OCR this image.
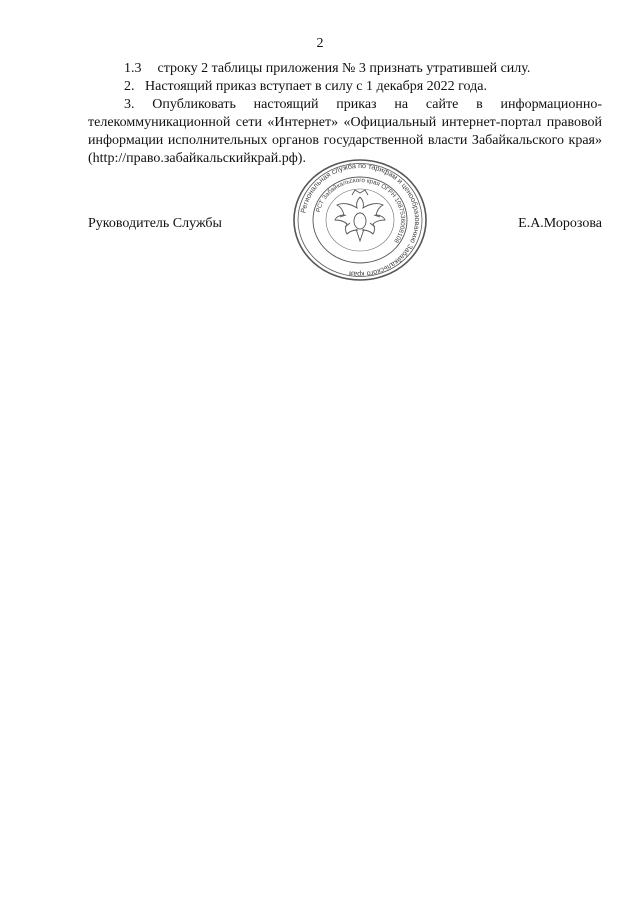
2
1.3 строку 2 таблицы приложения № 3 признать утратившей силу.
2.   Настоящий приказ вступает в силу с 1 декабря 2022 года.
3. Опубликовать настоящий приказ на сайте в информационно-телекоммуникационной сети «Интернет» «Официальный интернет-портал правовой информации исполнительных органов государственной власти Забайкальского края» (http://право.забайкальскийкрай.рф).
Руководитель Службы	Е.А.Морозова
Региональная служба по тарифам и ценообразованию Забайкальского края
РСТ Забайкальского края ОГРН 1087536008108
